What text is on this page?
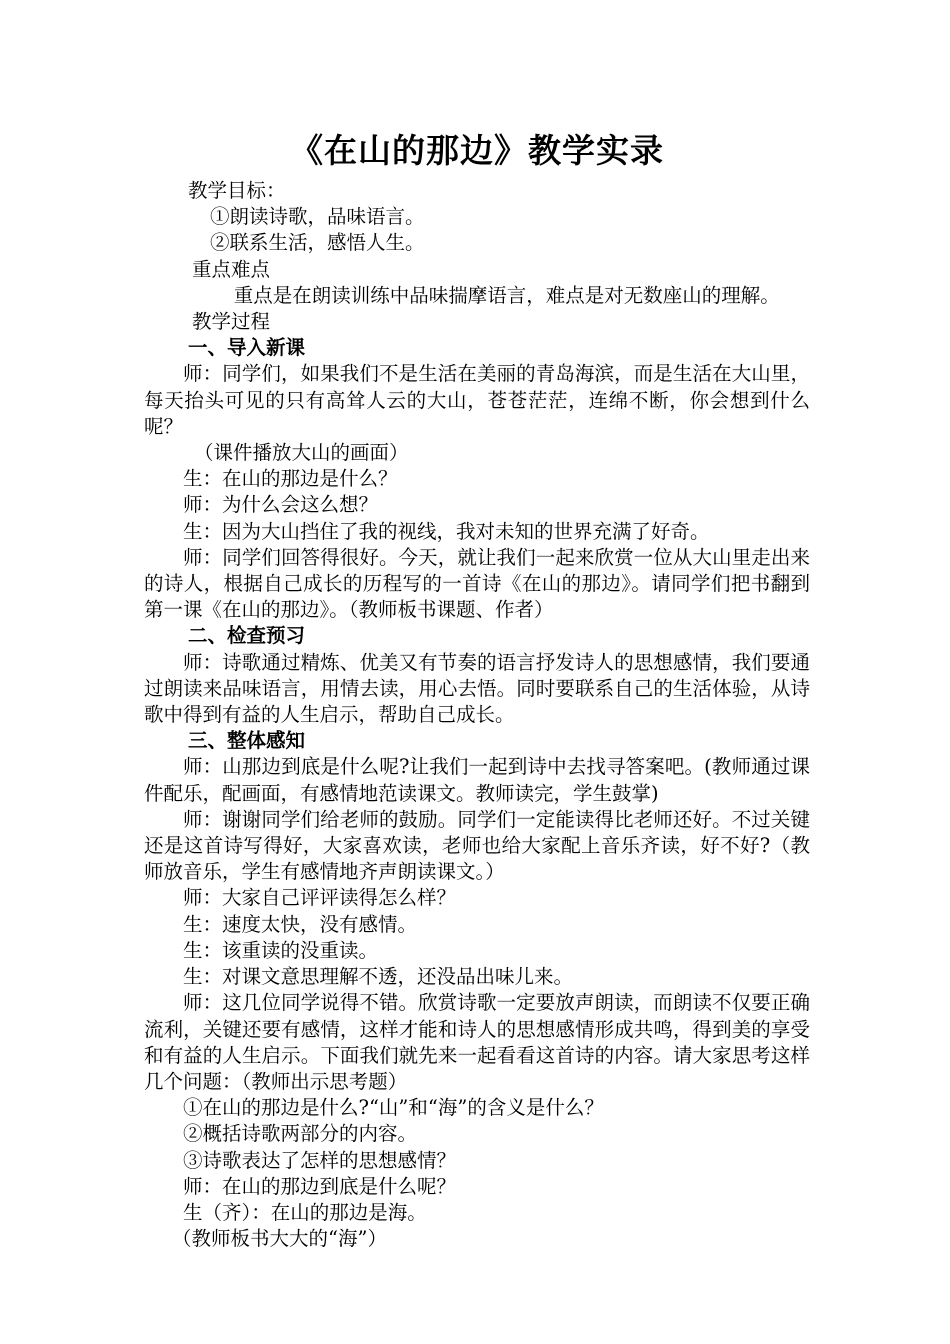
《在山的那边》教学实录

教学目标：

①朗读诗歌，品味语言。

②联系生活，感悟人生。

重点难点

重点是在朗读训练中品味揣摩语言，难点是对无数座山的理解。

教学过程

一、导入新课

师：同学们，如果我们不是生活在美丽的青岛海滨，而是生活在大山里，每天抬头可见的只有高耸人云的大山，苍苍茫茫，连绵不断，你会想到什么呢？

（课件播放大山的画面）

生：在山的那边是什么？

师：为什么会这么想？

生：因为大山挡住了我的视线，我对未知的世界充满了好奇。

师：同学们回答得很好。今天，就让我们一起来欣赏一位从大山里走出来的诗人，根据自己成长的历程写的一首诗《在山的那边》。请同学们把书翻到第一课《在山的那边》。（教师板书课题、作者）

二、检查预习

师：诗歌通过精炼、优美又有节奏的语言抒发诗人的思想感情，我们要通过朗读来品味语言，用情去读，用心去悟。同时要联系自己的生活体验，从诗歌中得到有益的人生启示，帮助自己成长。

三、整体感知

师：山那边到底是什么呢?让我们一起到诗中去找寻答案吧。(教师通过课件配乐，配画面，有感情地范读课文。教师读完，学生鼓掌)

师：谢谢同学们给老师的鼓励。同学们一定能读得比老师还好。不过关键还是这首诗写得好，大家喜欢读，老师也给大家配上音乐齐读，好不好?（教师放音乐，学生有感情地齐声朗读课文。）

师：大家自己评评读得怎么样？

生：速度太快，没有感情。

生：该重读的没重读。

生：对课文意思理解不透，还没品出味儿来。

师：这几位同学说得不错。欣赏诗歌一定要放声朗读，而朗读不仅要正确流利，关键还要有感情，这样才能和诗人的思想感情形成共鸣，得到美的享受和有益的人生启示。下面我们就先来一起看看这首诗的内容。请大家思考这样几个问题：（教师出示思考题）

①在山的那边是什么?“山”和“海”的含义是什么？

②概括诗歌两部分的内容。

③诗歌表达了怎样的思想感情？

师：在山的那边到底是什么呢？

生（齐）：在山的那边是海。

（教师板书大大的“海”）
